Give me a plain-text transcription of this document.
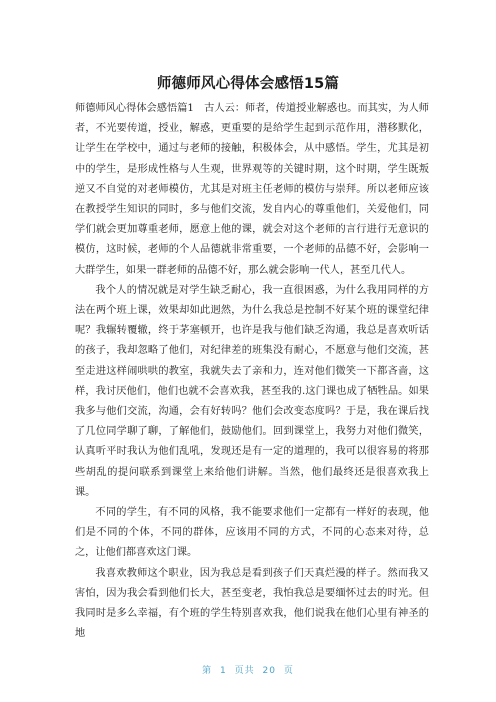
师德师风心得体会感悟15篇

师德师风心得体会感悟篇1　古人云：师者，传道授业解惑也。而其实，为人师者，不光要传道，授业，解惑，更重要的是给学生起到示范作用，潜移默化，让学生在学校中，通过与老师的接触，积极体会，从中感悟。学生，尤其是初中的学生，是形成性格与人生观，世界观等的关键时期，这个时期，学生既叛逆又不自觉的对老师模仿，尤其是对班主任老师的模仿与崇拜。所以老师应该在教授学生知识的同时，多与他们交流，发自内心的尊重他们，关爱他们，同学们就会更加尊重老师，愿意上他的课，就会对这个老师的言行进行无意识的模仿，这时候，老师的个人品德就非常重要，一个老师的品德不好，会影响一大群学生，如果一群老师的品德不好，那么就会影响一代人，甚至几代人。

我个人的情况就是对学生缺乏耐心，我一直很困惑，为什么我用同样的方法在两个班上课，效果却如此迥然，为什么我总是控制不好某个班的课堂纪律呢？我辗转覆辙，终于茅塞顿开，也许是我与他们缺乏沟通，我总是喜欢听话的孩子，我却忽略了他们，对纪律差的班集没有耐心，不愿意与他们交流，甚至走进这样闹哄哄的教室，我就失去了亲和力，连对他们微笑一下都吝啬，这样，我讨厌他们，他们也就不会喜欢我，甚至我的.这门课也成了牺牲品。如果我多与他们交流，沟通，会有好转吗？他们会改变态度吗？于是，我在课后找了几位同学聊了聊，了解他们，鼓励他们。回到课堂上，我努力对他们微笑，认真听平时我认为他们乱吼，发现还是有一定的道理的，我可以很容易的将那些胡乱的提问联系到课堂上来给他们讲解。当然，他们最终还是很喜欢我上课。

不同的学生，有不同的风格，我不能要求他们一定都有一样好的表现，他们是不同的个体，不同的群体，应该用不同的方式，不同的心态来对待，总之，让他们都喜欢这门课。

我喜欢教师这个职业，因为我总是看到孩子们天真烂漫的样子。然而我又害怕，因为我会看到他们长大，甚至变老，我怕我总是要缅怀过去的时光。但我同时是多么幸福，有个班的学生特别喜欢我，他们说我在他们心里有神圣的地

第 1 页共 20 页
